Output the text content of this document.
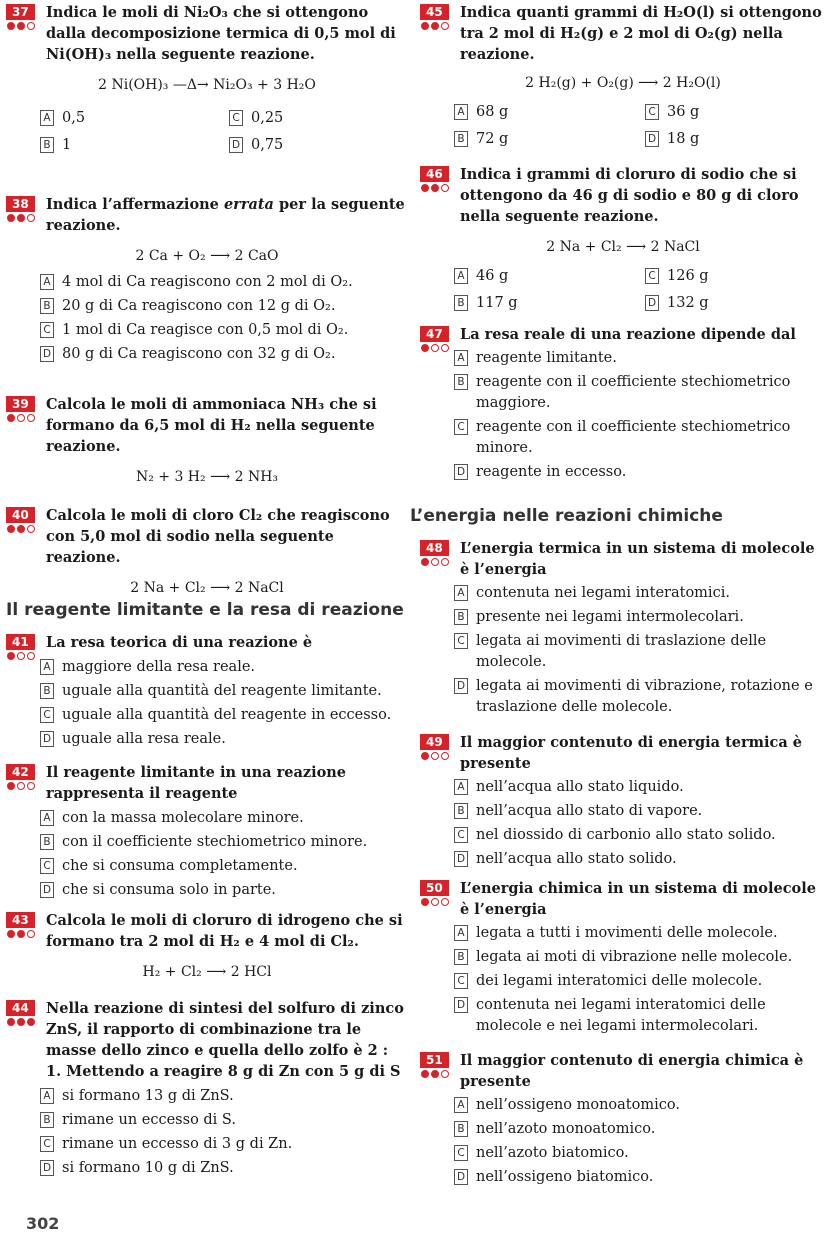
37	Indica le moli di Ni₂O₃ che si ottengono dalla decomposizione termica di 0,5 mol di Ni(OH)₃ nella seguente reazione.
2 Ni(OH)₃ —Δ→ Ni₂O₃ + 3 H₂O
A 0,5	C 0,25
B 1	D 0,75
38	Indica l’affermazione errata per la seguente reazione.
2 Ca + O₂ ⟶ 2 CaO
A 4 mol di Ca reagiscono con 2 mol di O₂.
B 20 g di Ca reagiscono con 12 g di O₂.
C 1 mol di Ca reagisce con 0,5 mol di O₂.
D 80 g di Ca reagiscono con 32 g di O₂.
39	Calcola le moli di ammoniaca NH₃ che si formano da 6,5 mol di H₂ nella seguente reazione.
N₂ + 3 H₂ ⟶ 2 NH₃
40	Calcola le moli di cloro Cl₂ che reagiscono con 5,0 mol di sodio nella seguente reazione.
2 Na + Cl₂ ⟶ 2 NaCl
Il reagente limitante e la resa di reazione
41	La resa teorica di una reazione è
A maggiore della resa reale.
B uguale alla quantità del reagente limitante.
C uguale alla quantità del reagente in eccesso.
D uguale alla resa reale.
42	Il reagente limitante in una reazione rappresenta il reagente
A con la massa molecolare minore.
B con il coefficiente stechiometrico minore.
C che si consuma completamente.
D che si consuma solo in parte.
43	Calcola le moli di cloruro di idrogeno che si formano tra 2 mol di H₂ e 4 mol di Cl₂.
H₂ + Cl₂ ⟶ 2 HCl
44	Nella reazione di sintesi del solfuro di zinco ZnS, il rapporto di combinazione tra le masse dello zinco e quella dello zolfo è 2 : 1. Mettendo a reagire 8 g di Zn con 5 g di S
A si formano 13 g di ZnS.
B rimane un eccesso di S.
C rimane un eccesso di 3 g di Zn.
D si formano 10 g di ZnS.
45	Indica quanti grammi di H₂O(l) si ottengono tra 2 mol di H₂(g) e 2 mol di O₂(g) nella reazione.
2 H₂(g) + O₂(g) ⟶ 2 H₂O(l)
A 68 g	C 36 g
B 72 g	D 18 g
46	Indica i grammi di cloruro di sodio che si ottengono da 46 g di sodio e 80 g di cloro nella seguente reazione.
2 Na + Cl₂ ⟶ 2 NaCl
A 46 g	C 126 g
B 117 g	D 132 g
47	La resa reale di una reazione dipende dal
A reagente limitante.
B reagente con il coefficiente stechiometrico maggiore.
C reagente con il coefficiente stechiometrico minore.
D reagente in eccesso.
L’energia nelle reazioni chimiche
48	L’energia termica in un sistema di molecole è l’energia
A contenuta nei legami interatomici.
B presente nei legami intermolecolari.
C legata ai movimenti di traslazione delle molecole.
D legata ai movimenti di vibrazione, rotazione e traslazione delle molecole.
49	Il maggior contenuto di energia termica è presente
A nell’acqua allo stato liquido.
B nell’acqua allo stato di vapore.
C nel diossido di carbonio allo stato solido.
D nell’acqua allo stato solido.
50	L’energia chimica in un sistema di molecole è l’energia
A legata a tutti i movimenti delle molecole.
B legata ai moti di vibrazione nelle molecole.
C dei legami interatomici delle molecole.
D contenuta nei legami interatomici delle molecole e nei legami intermolecolari.
51	Il maggior contenuto di energia chimica è presente
A nell’ossigeno monoatomico.
B nell’azoto monoatomico.
C nell’azoto biatomico.
D nell’ossigeno biatomico.
302
